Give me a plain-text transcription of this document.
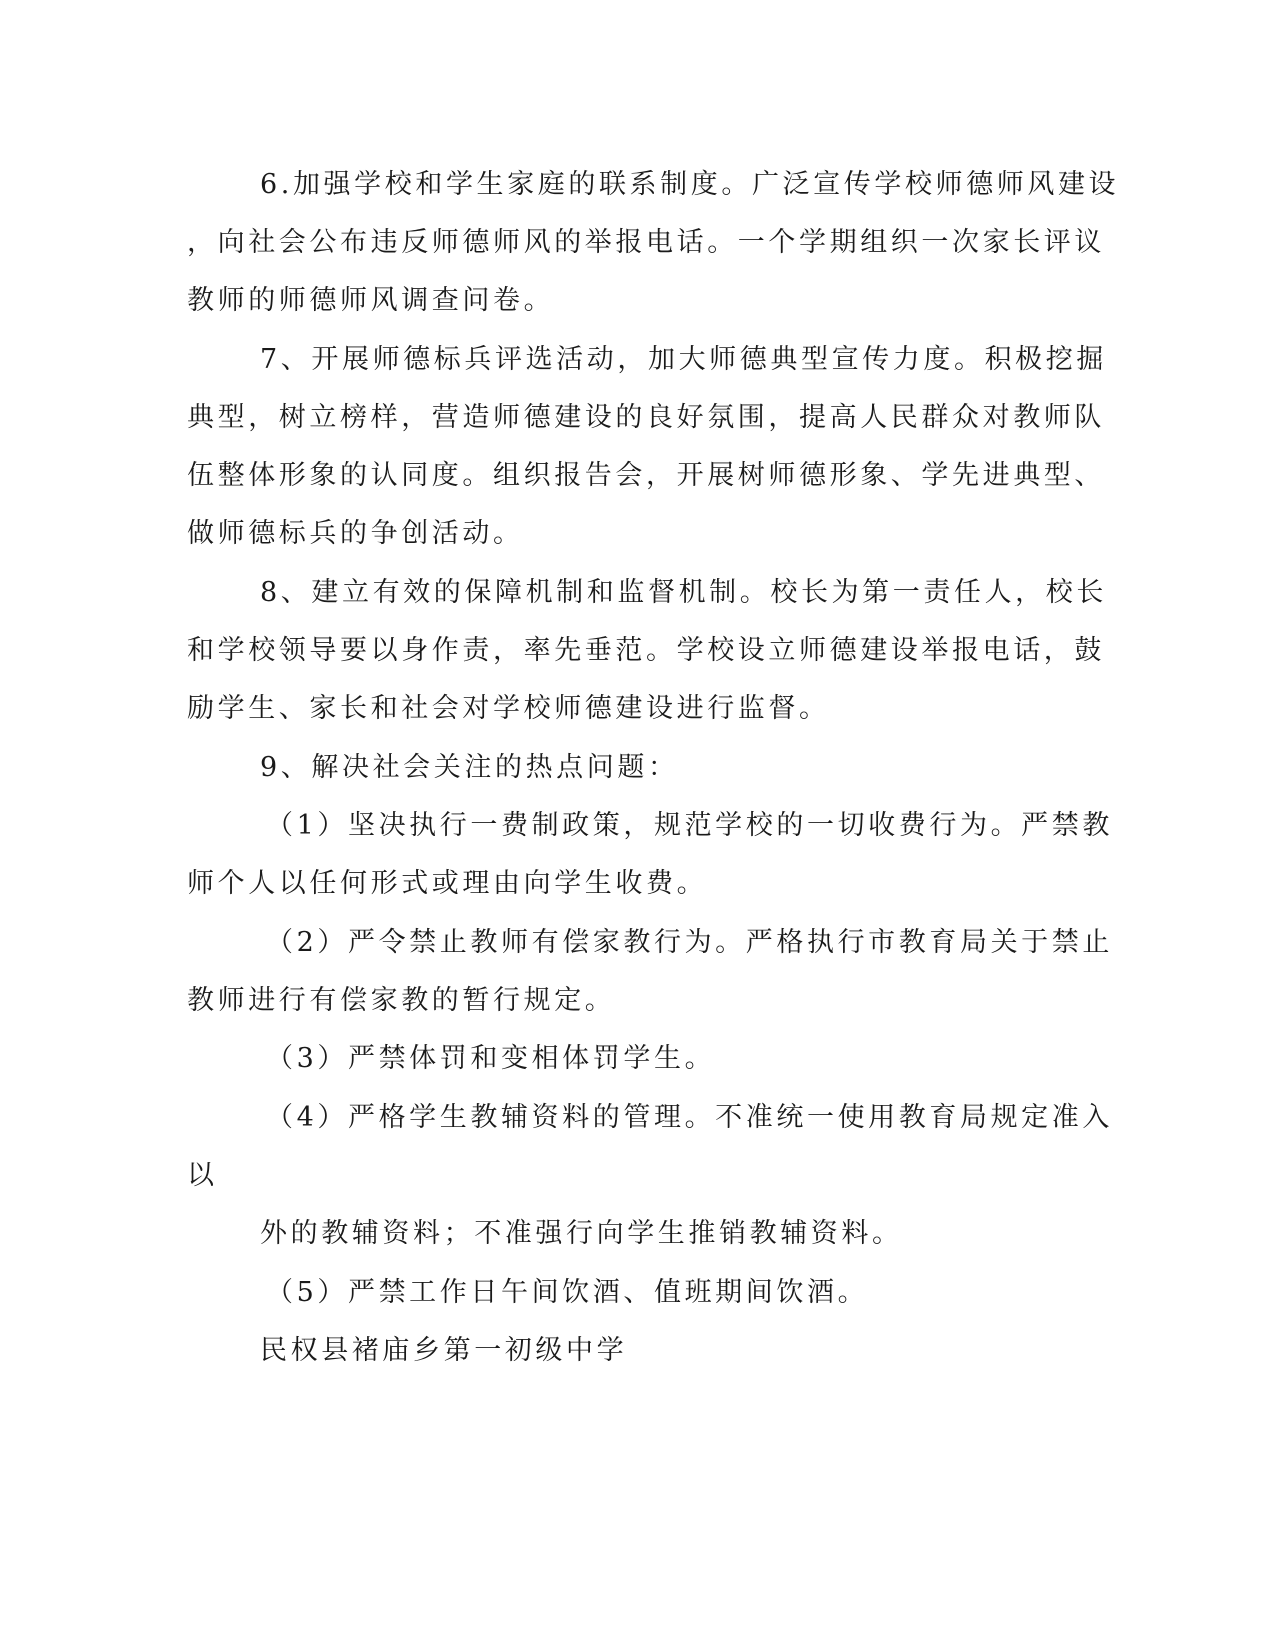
6.加强学校和学生家庭的联系制度。广泛宣传学校师德师风建设
，向社会公布违反师德师风的举报电话。一个学期组织一次家长评议
教师的师德师风调查问卷。
7、开展师德标兵评选活动，加大师德典型宣传力度。积极挖掘
典型，树立榜样，营造师德建设的良好氛围，提高人民群众对教师队
伍整体形象的认同度。组织报告会，开展树师德形象、学先进典型、
做师德标兵的争创活动。
8、建立有效的保障机制和监督机制。校长为第一责任人，校长
和学校领导要以身作责，率先垂范。学校设立师德建设举报电话，鼓
励学生、家长和社会对学校师德建设进行监督。
9、解决社会关注的热点问题：
（1）坚决执行一费制政策，规范学校的一切收费行为。严禁教
师个人以任何形式或理由向学生收费。
（2）严令禁止教师有偿家教行为。严格执行市教育局关于禁止
教师进行有偿家教的暂行规定。
（3）严禁体罚和变相体罚学生。
（4）严格学生教辅资料的管理。不准统一使用教育局规定准入
以
外的教辅资料；不准强行向学生推销教辅资料。
（5）严禁工作日午间饮酒、值班期间饮酒。
民权县褚庙乡第一初级中学
